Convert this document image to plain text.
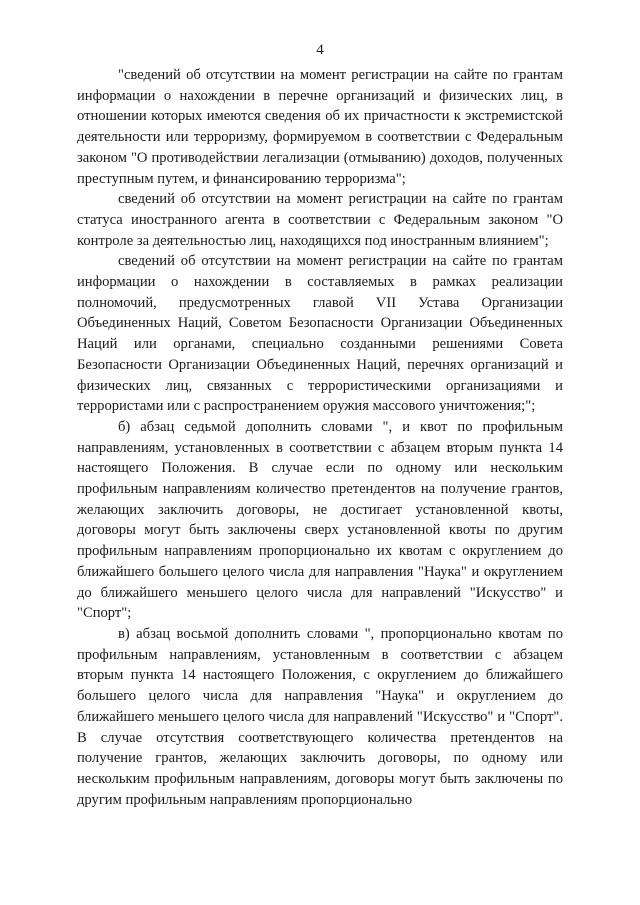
4

"сведений об отсутствии на момент регистрации на сайте по грантам информации о нахождении в перечне организаций и физических лиц, в отношении которых имеются сведения об их причастности к экстремистской деятельности или терроризму, формируемом в соответствии с Федеральным законом "О противодействии легализации (отмыванию) доходов, полученных преступным путем, и финансированию терроризма";

сведений об отсутствии на момент регистрации на сайте по грантам статуса иностранного агента в соответствии с Федеральным законом "О контроле за деятельностью лиц, находящихся под иностранным влиянием";

сведений об отсутствии на момент регистрации на сайте по грантам информации о нахождении в составляемых в рамках реализации полномочий, предусмотренных главой VII Устава Организации Объединенных Наций, Советом Безопасности Организации Объединенных Наций или органами, специально созданными решениями Совета Безопасности Организации Объединенных Наций, перечнях организаций и физических лиц, связанных с террористическими организациями и террористами или с распространением оружия массового уничтожения;";

б) абзац седьмой дополнить словами ", и квот по профильным направлениям, установленных в соответствии с абзацем вторым пункта 14 настоящего Положения. В случае если по одному или нескольким профильным направлениям количество претендентов на получение грантов, желающих заключить договоры, не достигает установленной квоты, договоры могут быть заключены сверх установленной квоты по другим профильным направлениям пропорционально их квотам с округлением до ближайшего большего целого числа для направления "Наука" и округлением до ближайшего меньшего целого числа для направлений "Искусство" и "Спорт";

в) абзац восьмой дополнить словами ", пропорционально квотам по профильным направлениям, установленным в соответствии с абзацем вторым пункта 14 настоящего Положения, с округлением до ближайшего большего целого числа для направления "Наука" и округлением до ближайшего меньшего целого числа для направлений "Искусство" и "Спорт". В случае отсутствия соответствующего количества претендентов на получение грантов, желающих заключить договоры, по одному или нескольким профильным направлениям, договоры могут быть заключены по другим профильным направлениям пропорционально
